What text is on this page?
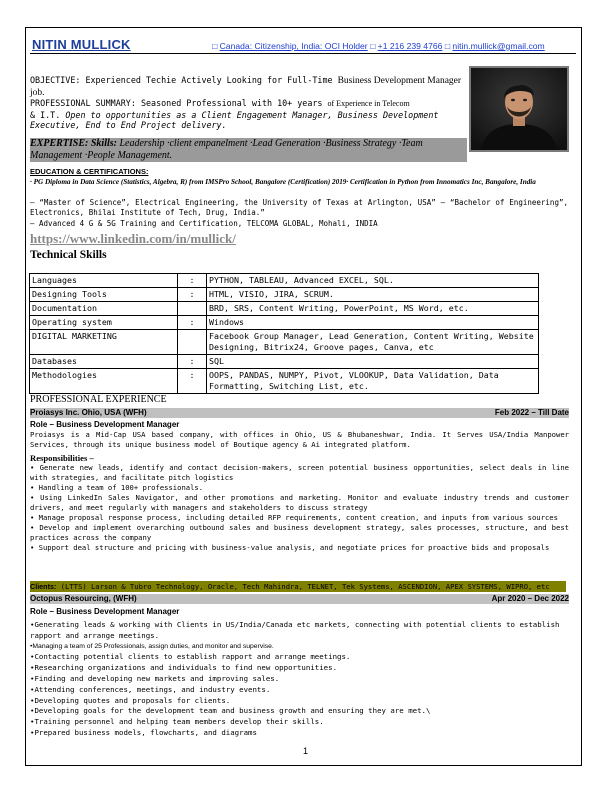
NITIN MULLICK	□ Canada: Citizenship, India: OCI Holder □ +1 216 239 4766 □ nitin.mullick@gmail.com
OBJECTIVE: Experienced Techie Actively Looking for Full-Time Business Development Manager job.
PROFESSIONAL SUMMARY: Seasoned Professional with 10+ years of Experience in Telecom
& I.T. Open to opportunities as a Client Engagement Manager, Business Development Executive, End to End Project delivery.
EXPERTISE: Skills: Leadership ·client empanelment ·Lead Generation ·Business Strategy ·Team Management ·People Management.
EDUCATION & CERTIFICATIONS:
· PG Diploma in Data Science (Statistics, Algebra, R) from IMSPro School, Bangalore (Certification) 2019· Certification in Python from Innomatics Inc, Bangalore, India
– “Master of Science”, Electrical Engineering, the University of Texas at Arlington, USA” – “Bachelor of Engineering”, Electronics, Bhilai Institute of Tech, Drug, India.”
– Advanced 4 G & 5G Training and Certification, TELCOMA GLOBAL, Mohali, INDIA
https://www.linkedin.com/in/mullick/
Technical Skills
Languages	:	PYTHON, TABLEAU, Advanced EXCEL, SQL.
Designing Tools	:	HTML, VISIO, JIRA, SCRUM.
Documentation		BRD, SRS, Content Writing, PowerPoint, MS Word, etc.
Operating system	:	Windows
DIGITAL MARKETING		Facebook Group Manager, Lead Generation, Content Writing, Website Designing, Bitrix24, Groove pages, Canva, etc
Databases	:	SQL
Methodologies	:	OOPS, PANDAS, NUMPY, Pivot, VLOOKUP, Data Validation, Data Formatting, Switching List, etc.
PROFESSIONAL EXPERIENCE
Proiasys Inc. Ohio, USA (WFH)	Feb 2022 – Till Date
Role – Business Development Manager
Proiasys is a Mid-Cap USA based company, with offices in Ohio, US & Bhubaneshwar, India. It Serves USA/India Manpower Services, through its unique business model of Boutique agency & Ai integrated platform.
Responsibilities –
• Generate new leads, identify and contact decision-makers, screen potential business opportunities, select deals in line with strategies, and facilitate pitch logistics
• Handling a team of 100+ professionals.
• Using LinkedIn Sales Navigator, and other promotions and marketing. Monitor and evaluate industry trends and customer drivers, and meet regularly with managers and stakeholders to discuss strategy
• Manage proposal response process, including detailed RFP requirements, content creation, and inputs from various sources
• Develop and implement overarching outbound sales and business development strategy, sales processes, structure, and best practices across the company
• Support deal structure and pricing with business-value analysis, and negotiate prices for proactive bids and proposals
Clients: (LTTS) Larson & Tubro Technology, Oracle, Tech Mahindra, TELNET, Tek Systems, ASCENDION, APEX SYSTEMS, WIPRO, etc
Octopus Resourcing, (WFH)	Apr 2020 – Dec 2022
Role – Business Development Manager
•Generating leads & working with Clients in US/India/Canada etc markets, connecting with potential clients to establish rapport and arrange meetings.
•Managing a team of 25 Professionals, assign duties, and monitor and supervise.
•Contacting potential clients to establish rapport and arrange meetings.
•Researching organizations and individuals to find new opportunities.
•Finding and developing new markets and improving sales.
•Attending conferences, meetings, and industry events.
•Developing quotes and proposals for clients.
•Developing goals for the development team and business growth and ensuring they are met.\
•Training personnel and helping team members develop their skills.
•Prepared business models, flowcharts, and diagrams
1
